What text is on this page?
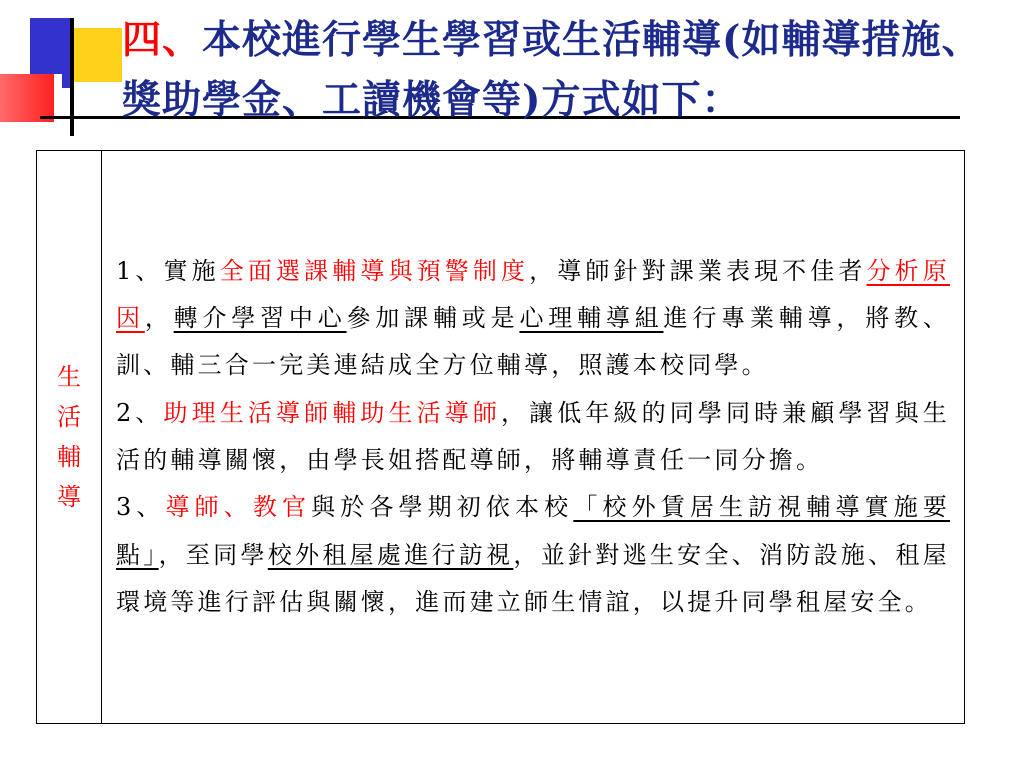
四、本校進行學生學習或生活輔導(如輔導措施、獎助學金、工讀機會等)方式如下：
生活輔導	

1、實施全面選課輔導與預警制度，導師針對課業表現不佳者分析原因，轉介學習中心參加課輔或是心理輔導組進行專業輔導，將教、訓、輔三合一完美連結成全方位輔導，照護本校同學。

2、助理生活導師輔助生活導師，讓低年級的同學同時兼顧學習與生活的輔導關懷，由學長姐搭配導師，將輔導責任一同分擔。

3、導師、教官與於各學期初依本校「校外賃居生訪視輔導實施要點」，至同學校外租屋處進行訪視，並針對逃生安全、消防設施、租屋環境等進行評估與關懷，進而建立師生情誼，以提升同學租屋安全。
